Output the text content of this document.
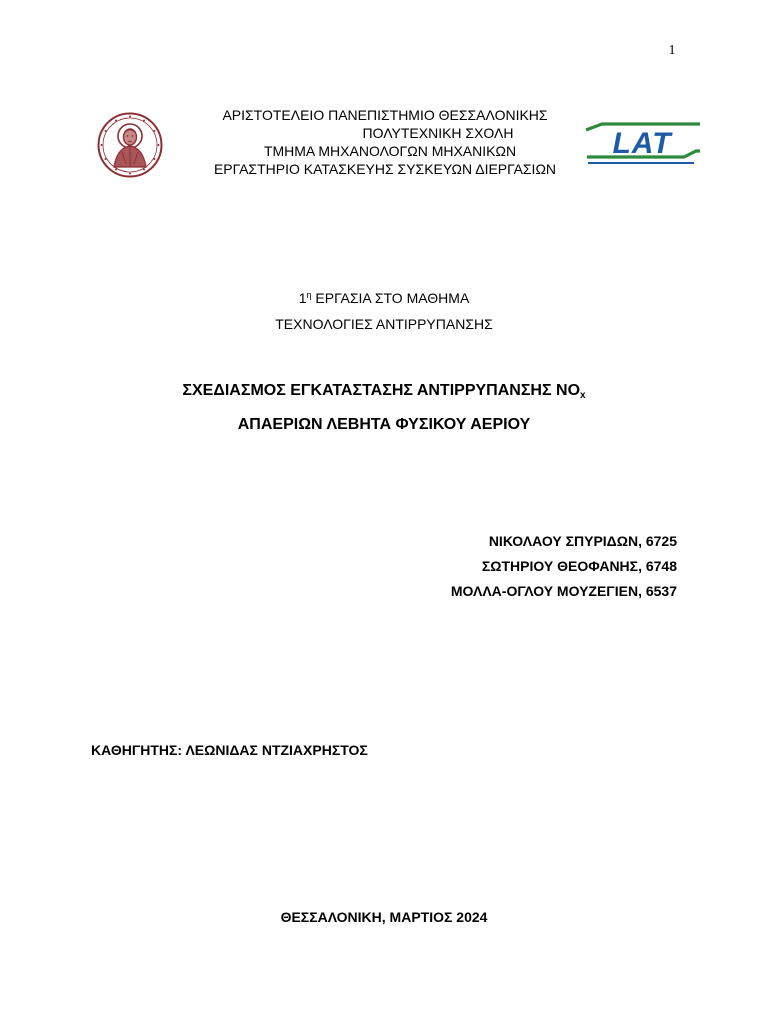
1
LAT
ΑΡΙΣΤΟΤΕΛΕΙΟ ΠΑΝΕΠΙΣΤΗΜΙΟ ΘΕΣΣΑΛΟΝΙΚΗΣ
ΠΟΛΥΤΕΧΝΙΚΗ ΣΧΟΛΗ
ΤΜΗΜΑ ΜΗΧΑΝΟΛΟΓΩΝ ΜΗΧΑΝΙΚΩΝ
ΕΡΓΑΣΤΗΡΙΟ ΚΑΤΑΣΚΕΥΗΣ ΣΥΣΚΕΥΩΝ ΔΙΕΡΓΑΣΙΩΝ
$1^\eta$ ΕΡΓΑΣΙΑ ΣΤΟ ΜΑΘΗΜΑ
ΤΕΧΝΟΛΟΓΙΕΣ ΑΝΤΙΡΡΥΠΑΝΣΗΣ
ΣΧΕΔΙΑΣΜΟΣ ΕΓΚΑΤΑΣΤΑΣΗΣ ΑΝΤΙΡΡΥΠΑΝΣΗΣ $NO_x$
ΑΠΑΕΡΙΩΝ ΛΕΒΗΤΑ ΦΥΣΙΚΟΥ ΑΕΡΙΟΥ
ΝΙΚΟΛΑΟΥ ΣΠΥΡΙΔΩΝ, 6725
ΣΩΤΗΡΙΟΥ ΘΕΟΦΑΝΗΣ, 6748
ΜΟΛΛΑ-ΟΓΛΟΥ ΜΟΥΖΕΓΙΕΝ, 6537
ΚΑΘΗΓΗΤΗΣ: ΛΕΩΝΙΔΑΣ ΝΤΖΙΑΧΡΗΣΤΟΣ
ΘΕΣΣΑΛΟΝΙΚΗ, ΜΑΡΤΙΟΣ 2024
